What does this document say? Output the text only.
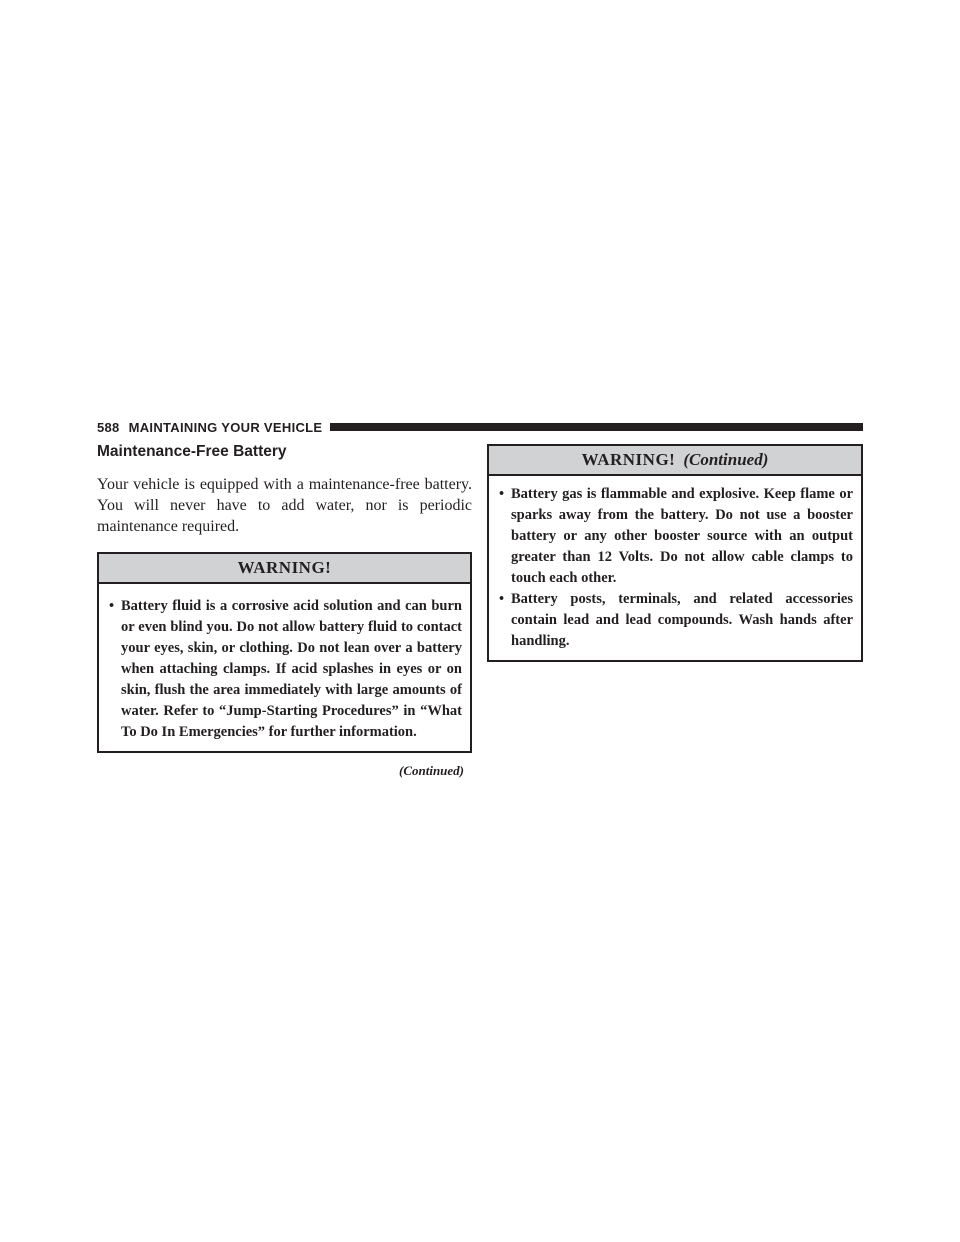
588 MAINTAINING YOUR VEHICLE
Maintenance-Free Battery

Your vehicle is equipped with a maintenance-free battery. You will never have to add water, nor is periodic maintenance required.

WARNING!
• Battery fluid is a corrosive acid solution and can burn or even blind you. Do not allow battery fluid to contact your eyes, skin, or clothing. Do not lean over a battery when attaching clamps. If acid splashes in eyes or on skin, flush the area immediately with large amounts of water. Refer to “Jump-Starting Procedures” in “What To Do In Emergencies” for further information.
(Continued)
WARNING! (Continued)
• Battery gas is flammable and explosive. Keep flame or sparks away from the battery. Do not use a booster battery or any other booster source with an output greater than 12 Volts. Do not allow cable clamps to touch each other.
• Battery posts, terminals, and related accessories contain lead and lead compounds. Wash hands after handling.
